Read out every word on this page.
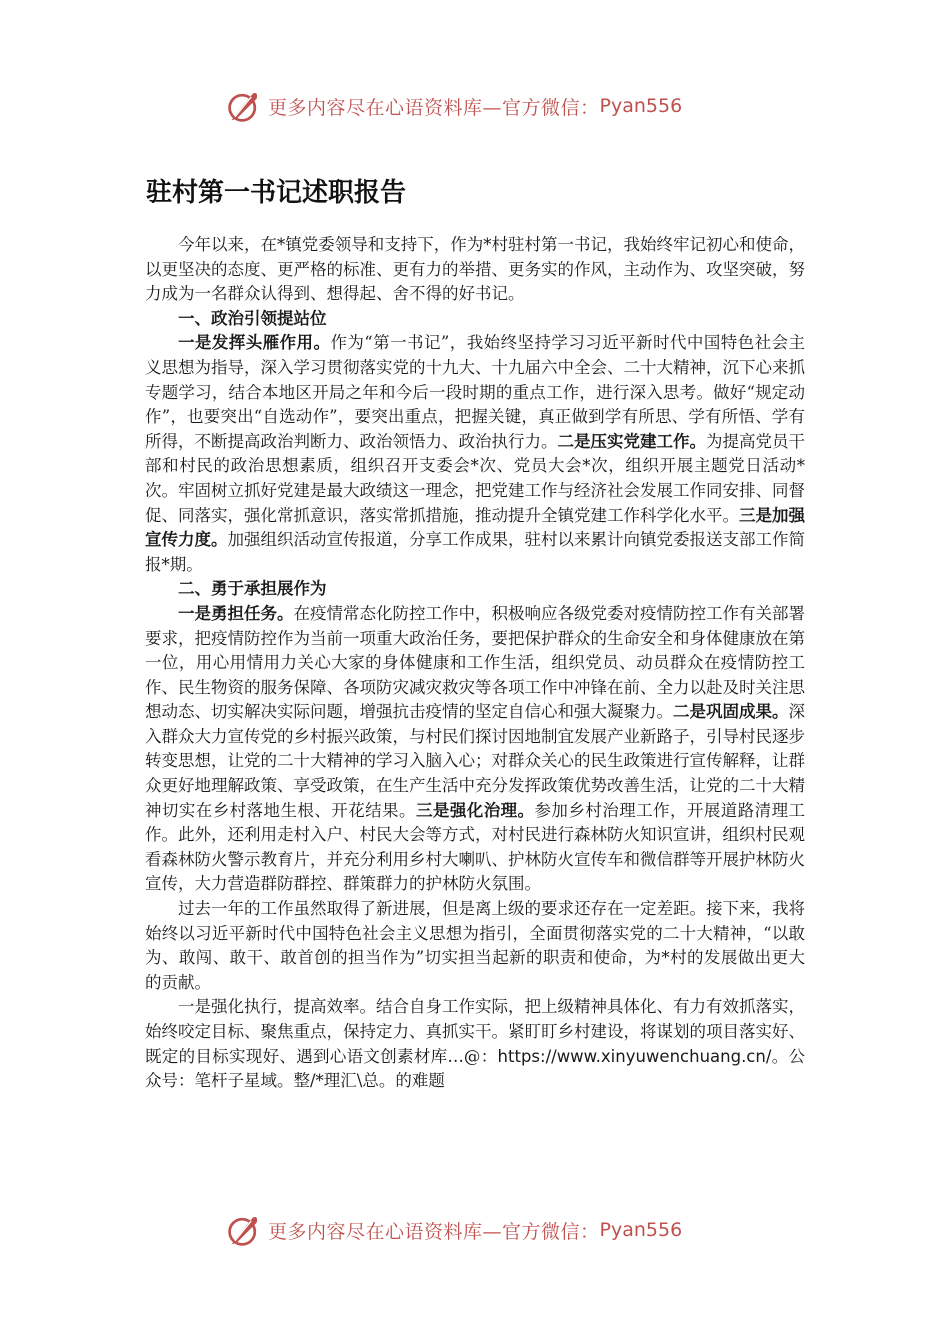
更多内容尽在心语资料库—官方微信： Pyan556
驻村第一书记述职报告

今年以来，在*镇党委领导和支持下，作为*村驻村第一书记，我始终牢记初心和使命，以更坚决的态度、更严格的标准、更有力的举措、更务实的作风，主动作为、攻坚突破，努力成为一名群众认得到、想得起、舍不得的好书记。

一、政治引领提站位

一是发挥头雁作用。作为“第一书记”，我始终坚持学习习近平新时代中国特色社会主义思想为指导，深入学习贯彻落实党的十九大、十九届六中全会、二十大精神，沉下心来抓专题学习，结合本地区开局之年和今后一段时期的重点工作，进行深入思考。做好“规定动作”，也要突出“自选动作”，要突出重点，把握关键，真正做到学有所思、学有所悟、学有所得，不断提高政治判断力、政治领悟力、政治执行力。二是压实党建工作。为提高党员干部和村民的政治思想素质，组织召开支委会*次、党员大会*次，组织开展主题党日活动*次。牢固树立抓好党建是最大政绩这一理念，把党建工作与经济社会发展工作同安排、同督促、同落实，强化常抓意识，落实常抓措施，推动提升全镇党建工作科学化水平。三是加强宣传力度。加强组织活动宣传报道，分享工作成果，驻村以来累计向镇党委报送支部工作简报*期。

二、勇于承担展作为

一是勇担任务。在疫情常态化防控工作中，积极响应各级党委对疫情防控工作有关部署要求，把疫情防控作为当前一项重大政治任务，要把保护群众的生命安全和身体健康放在第一位，用心用情用力关心大家的身体健康和工作生活，组织党员、动员群众在疫情防控工作、民生物资的服务保障、各项防灾减灾救灾等各项工作中冲锋在前、全力以赴及时关注思想动态、切实解决实际问题，增强抗击疫情的坚定自信心和强大凝聚力。二是巩固成果。深入群众大力宣传党的乡村振兴政策，与村民们探讨因地制宜发展产业新路子，引导村民逐步转变思想，让党的二十大精神的学习入脑入心；对群众关心的民生政策进行宣传解释，让群众更好地理解政策、享受政策，在生产生活中充分发挥政策优势改善生活，让党的二十大精神切实在乡村落地生根、开花结果。三是强化治理。参加乡村治理工作，开展道路清理工作。此外，还利用走村入户、村民大会等方式，对村民进行森林防火知识宣讲，组织村民观看森林防火警示教育片，并充分利用乡村大喇叭、护林防火宣传车和微信群等开展护林防火宣传，大力营造群防群控、群策群力的护林防火氛围。

过去一年的工作虽然取得了新进展，但是离上级的要求还存在一定差距。接下来，我将始终以习近平新时代中国特色社会主义思想为指引，全面贯彻落实党的二十大精神，“以敢为、敢闯、敢干、敢首创的担当作为”切实担当起新的职责和使命，为*村的发展做出更大的贡献。

一是强化执行，提高效率。结合自身工作实际，把上级精神具体化、有力有效抓落实，始终咬定目标、聚焦重点，保持定力、真抓实干。紧盯盯乡村建设，将谋划的项目落实好、既定的目标实现好、遇到心语文创素材库…@：https://www.xinyuwenchuang.cn/。公众号：笔杆子星域。整/*理汇\总。的难题

更多内容尽在心语资料库—官方微信： Pyan556
